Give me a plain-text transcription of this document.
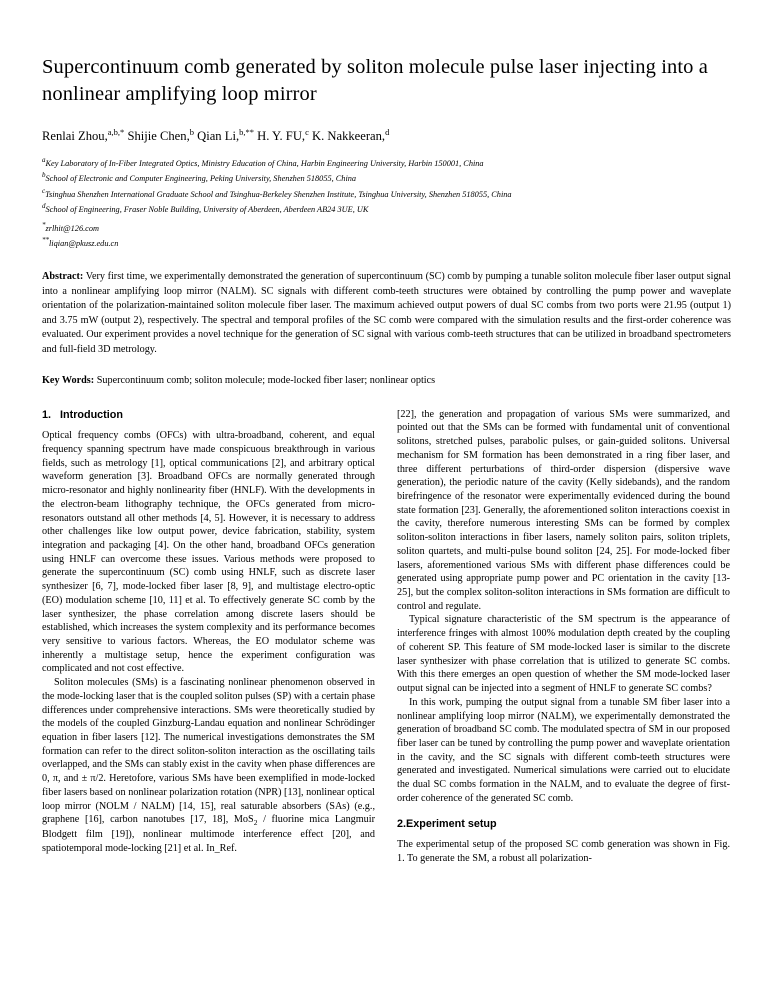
Supercontinuum comb generated by soliton molecule pulse laser injecting into a nonlinear amplifying loop mirror
Renlai Zhou,$^{a,b,*}$ Shijie Chen,$^b$ Qian Li,$^{b,**}$ H. Y. FU,$^c$ K. Nakkeeran,$^d$
$^a$Key Laboratory of In-Fiber Integrated Optics, Ministry Education of China, Harbin Engineering University, Harbin 150001, China
$^b$School of Electronic and Computer Engineering, Peking University, Shenzhen 518055, China
$^c$Tsinghua Shenzhen International Graduate School and Tsinghua-Berkeley Shenzhen Institute, Tsinghua University, Shenzhen 518055, China
$^d$School of Engineering, Fraser Noble Building, University of Aberdeen, Aberdeen AB24 3UE, UK
*zrlhit@126.com
**liqian@pkusz.edu.cn
Abstract: Very first time, we experimentally demonstrated the generation of supercontinuum (SC) comb by pumping a tunable soliton molecule fiber laser output signal into a nonlinear amplifying loop mirror (NALM). SC signals with different comb-teeth structures were obtained by controlling the pump power and waveplate orientation of the polarization-maintained soliton molecule fiber laser. The maximum achieved output powers of dual SC combs from two ports were 21.95 (output 1) and 3.75 mW (output 2), respectively. The spectral and temporal profiles of the SC comb were compared with the simulation results and the first-order coherence was evaluated. Our experiment provides a novel technique for the generation of SC signal with various comb-teeth structures that can be utilized in broadband spectrometers and full-field 3D metrology.
Key Words: Supercontinuum comb; soliton molecule; mode-locked fiber laser; nonlinear optics
1. Introduction

Optical frequency combs (OFCs) with ultra-broadband, coherent, and equal frequency spanning spectrum have made conspicuous breakthrough in various fields, such as metrology [1], optical communications [2], and arbitrary optical waveform generation [3]. Broadband OFCs are normally generated through micro-resonator and highly nonlinearity fiber (HNLF). With the developments in the electron-beam lithography technique, the OFCs generated from micro-resonators outstand all other methods [4, 5]. However, it is necessary to address other challenges like low output power, device fabrication, stability, system integration and packaging [4]. On the other hand, broadband OFCs generation using HNLF can overcome these issues. Various methods were proposed to generate the supercontinuum (SC) comb using HNLF, such as discrete laser synthesizer [6, 7], mode-locked fiber laser [8, 9], and multistage electro-optic (EO) modulation scheme [10, 11] et al. To effectively generate SC comb by the laser synthesizer, the phase correlation among discrete lasers should be established, which increases the system complexity and its performance becomes very sensitive to various factors. Whereas, the EO modulator scheme was inherently a multistage setup, hence the experiment configuration was complicated and not cost effective.

Soliton molecules (SMs) is a fascinating nonlinear phenomenon observed in the mode-locking laser that is the coupled soliton pulses (SP) with a certain phase differences under comprehensive interactions. SMs were theoretically studied by the models of the coupled Ginzburg-Landau equation and nonlinear Schrödinger equation in fiber lasers [12]. The numerical investigations demonstrates the SM formation can refer to the direct soliton-soliton interaction as the oscillating tails overlapped, and the SMs can stably exist in the cavity when phase differences are 0, π, and ± π/2. Heretofore, various SMs have been exemplified in mode-locked fiber lasers based on nonlinear polarization rotation (NPR) [13], nonlinear optical loop mirror (NOLM / NALM) [14, 15], real saturable absorbers (SAs) (e.g., graphene [16], carbon nanotubes [17, 18], MoS$_2$ / fluorine mica Langmuir Blodgett film [19]), nonlinear multimode interference effect [20], and spatiotemporal mode-locking [21] et al. In_Ref.

[22], the generation and propagation of various SMs were summarized, and pointed out that the SMs can be formed with fundamental unit of conventional solitons, stretched pulses, parabolic pulses, or gain-guided solitons. Universal mechanism for SM formation has been demonstrated in a ring fiber laser, and three different perturbations of third-order dispersion (dispersive wave generation), the periodic nature of the cavity (Kelly sidebands), and the random birefringence of the resonator were experimentally evidenced during the bound state formation [23]. Generally, the aforementioned soliton interactions coexist in the cavity, therefore numerous interesting SMs can be formed by complex soliton-soliton interactions in fiber lasers, namely soliton pairs, soliton triplets, soliton quartets, and multi-pulse bound soliton [24, 25]. For mode-locked fiber lasers, aforementioned various SMs with different phase differences could be generated using appropriate pump power and PC orientation in the cavity [13-25], but the complex soliton-soliton interactions in SMs formation are difficult to control and regulate.

Typical signature characteristic of the SM spectrum is the appearance of interference fringes with almost 100% modulation depth created by the coupling of coherent SP. This feature of SM mode-locked laser is similar to the discrete laser synthesizer with phase correlation that is utilized to generate SC combs. With this there emerges an open question of whether the SM mode-locked laser output signal can be injected into a segment of HNLF to generate SC combs?

In this work, pumping the output signal from a tunable SM fiber laser into a nonlinear amplifying loop mirror (NALM), we experimentally demonstrated the generation of broadband SC comb. The modulated spectra of SM in our proposed fiber laser can be tuned by controlling the pump power and waveplate orientation in the cavity, and the SC signals with different comb-teeth structures were generated and investigated. Numerical simulations were carried out to elucidate the dual SC combs formation in the NALM, and to evaluate the degree of first-order coherence of the generated SC comb.

2.Experiment setup

The experimental setup of the proposed SC comb generation was shown in Fig. 1. To generate the SM, a robust all polarization-
